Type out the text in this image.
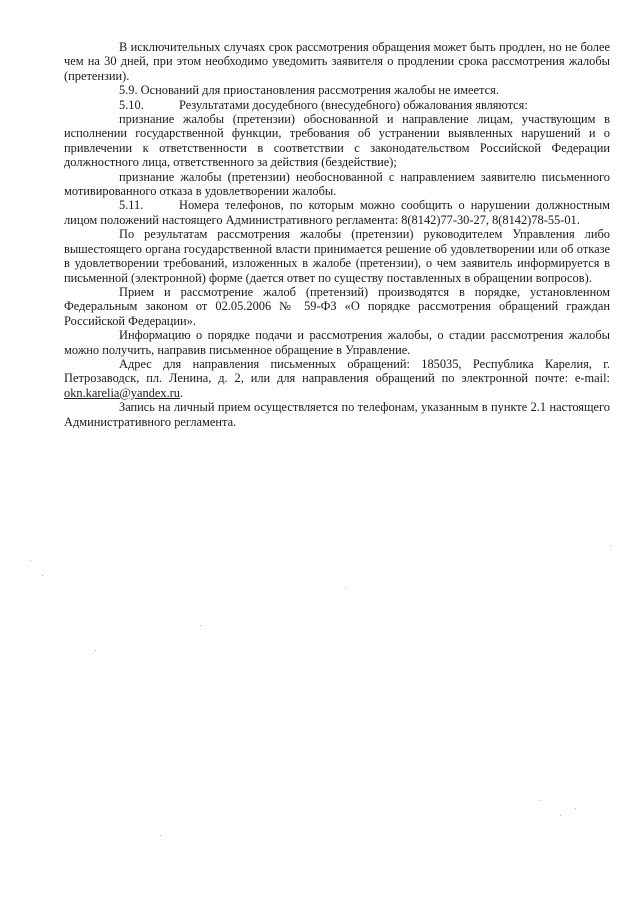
В исключительных случаях срок рассмотрения обращения может быть продлен, но не более чем на 30 дней, при этом необходимо уведомить заявителя о продлении срока рассмотрения жалобы (претензии).

5.9. Оснований для приостановления рассмотрения жалобы не имеется.

5.10.	Результатами досудебного (внесудебного) обжалования являются:

признание жалобы (претензии) обоснованной и направление лицам, участвующим в исполнении государственной функции, требования об устранении выявленных нарушений и о привлечении к ответственности в соответствии с законодательством Российской Федерации должностного лица, ответственного за действия (бездействие);

признание жалобы (претензии) необоснованной с направлением заявителю письменного мотивированного отказа в удовлетворении жалобы.

5.11.	Номера телефонов, по которым можно сообщить о нарушении должностным лицом положений настоящего Административного регламента: 8(8142)77-30-27, 8(8142)78-55-01.

По результатам рассмотрения жалобы (претензии) руководителем Управления либо вышестоящего органа государственной власти принимается решение об удовлетворении или об отказе в удовлетворении требований, изложенных в жалобе (претензии), о чем заявитель информируется в письменной (электронной) форме (дается ответ по существу поставленных в обращении вопросов).

Прием и рассмотрение жалоб (претензий) производятся в порядке, установленном Федеральным законом от 02.05.2006 № 59-ФЗ «О порядке рассмотрения обращений граждан Российской Федерации».

Информацию о порядке подачи и рассмотрения жалобы, о стадии рассмотрения жалобы можно получить, направив письменное обращение в Управление.

Адрес для направления письменных обращений: 185035, Республика Карелия, г. Петрозаводск, пл. Ленина, д. 2, или для направления обращений по электронной почте: e-mail: okn.karelia@yandex.ru.

Запись на личный прием осуществляется по телефонам, указанным в пункте 2.1 настоящего Административного регламента.
